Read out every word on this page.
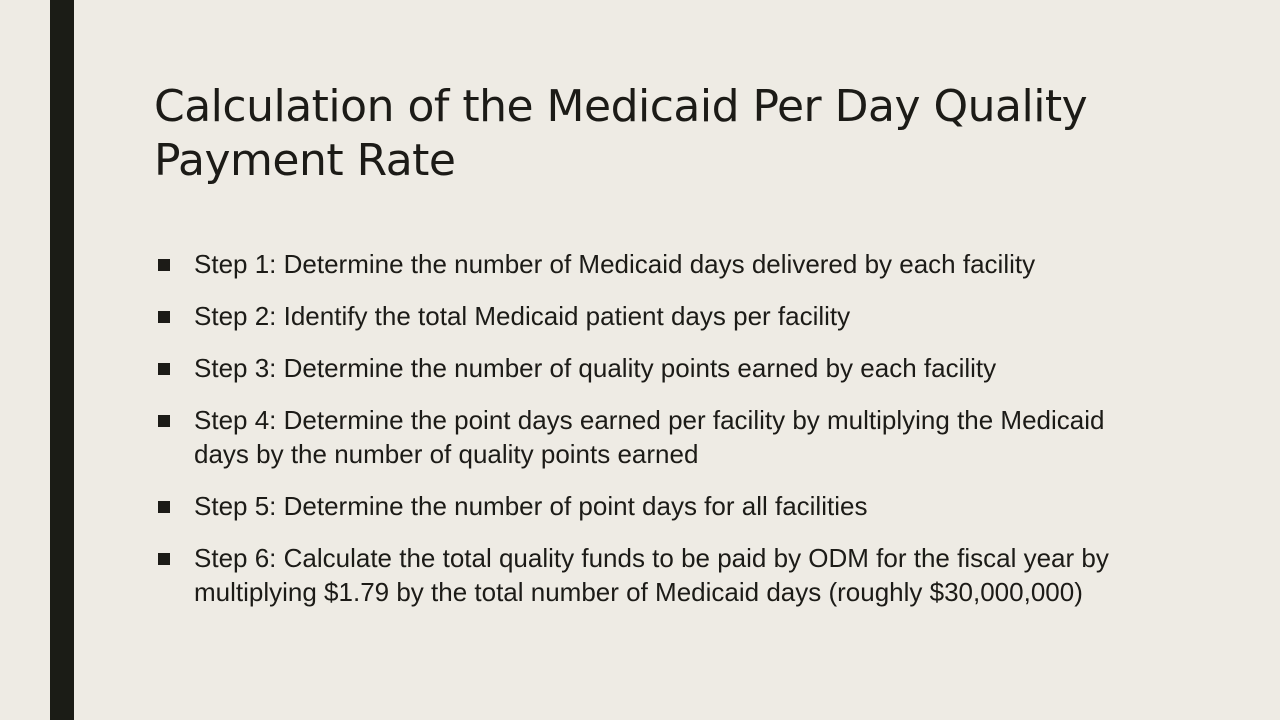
Calculation of the Medicaid Per Day Quality Payment Rate
Step 1: Determine the number of Medicaid days delivered by each facility
Step 2: Identify the total Medicaid patient days per facility
Step 3: Determine the number of quality points earned by each facility
Step 4: Determine the point days earned per facility by multiplying the Medicaid days by the number of quality points earned
Step 5: Determine the number of point days for all facilities
Step 6: Calculate the total quality funds to be paid by ODM for the fiscal year by multiplying $1.79 by the total number of Medicaid days (roughly $30,000,000)
